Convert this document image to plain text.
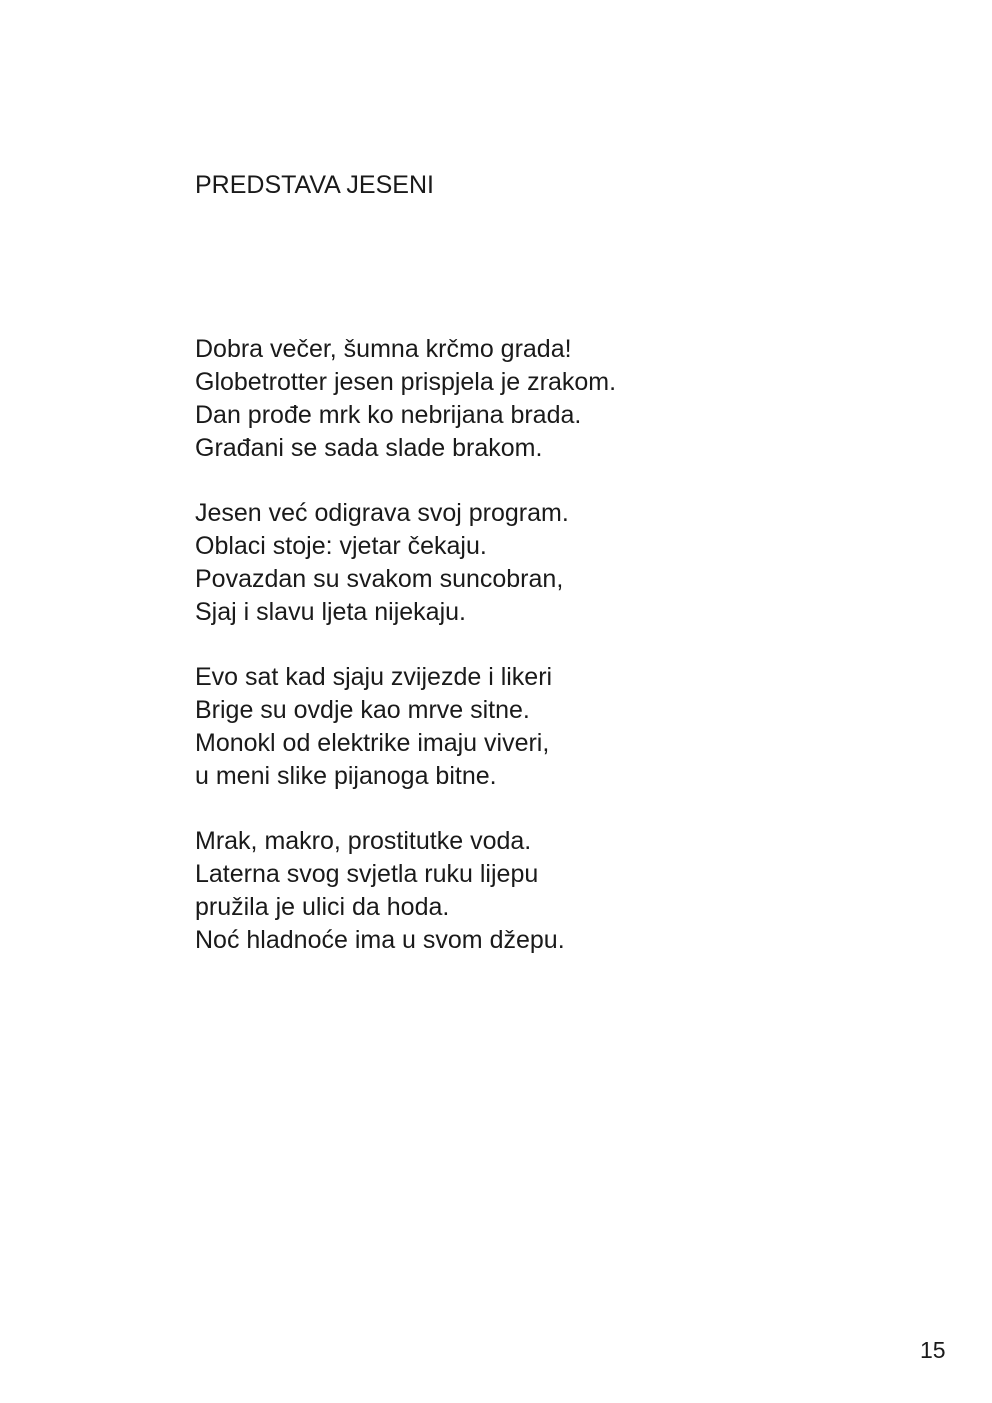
PREDSTAVA JESENI
Dobra večer, šumna krčmo grada!
Globetrotter jesen prispjela je zrakom.
Dan prođe mrk ko nebrijana brada.
Građani se sada slade brakom.
Jesen već odigrava svoj program.
Oblaci stoje: vjetar čekaju.
Povazdan su svakom suncobran,
Sjaj i slavu ljeta nijekaju.
Evo sat kad sjaju zvijezde i likeri
Brige su ovdje kao mrve sitne.
Monokl od elektrike imaju viveri,
u meni slike pijanoga bitne.
Mrak, makro, prostitutke voda.
Laterna svog svjetla ruku lijepu
pružila je ulici da hoda.
Noć hladnoće ima u svom džepu.
15
